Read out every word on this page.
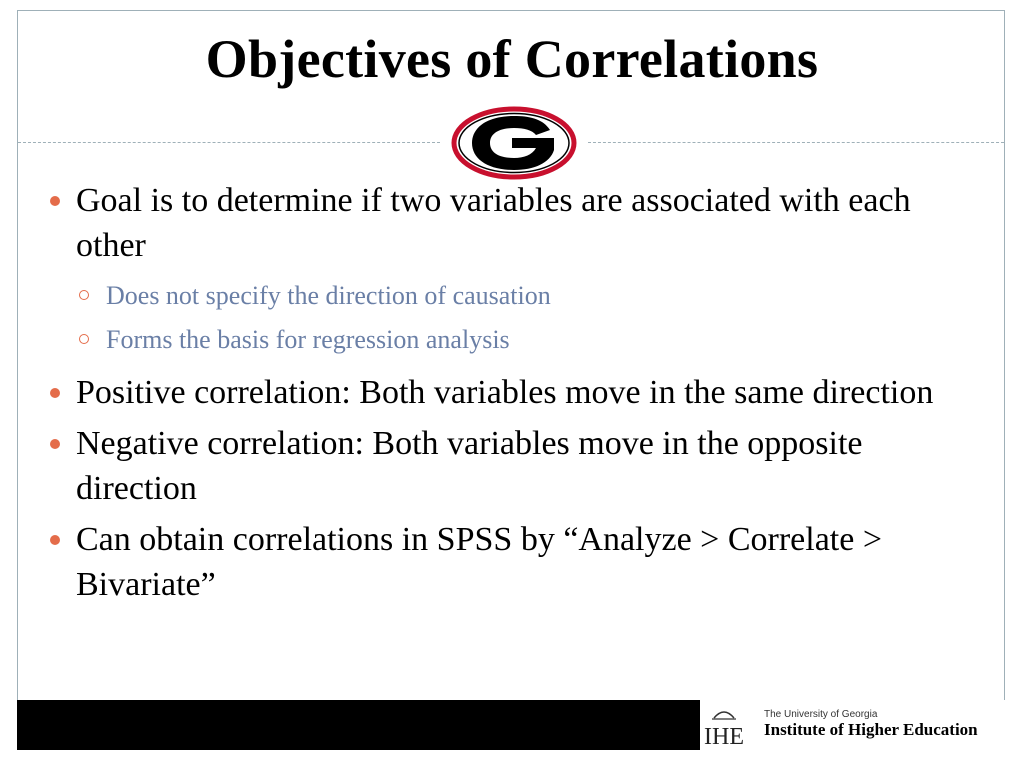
Objectives of Correlations
G
Goal is to determine if two variables are associated with each other
Does not specify the direction of causation
Forms the basis for regression analysis
Positive correlation: Both variables move in the same direction
Negative correlation: Both variables move in the opposite direction
Can obtain correlations in SPSS by “Analyze > Correlate > Bivariate”
IHE
The University of Georgia
Institute of Higher Education
